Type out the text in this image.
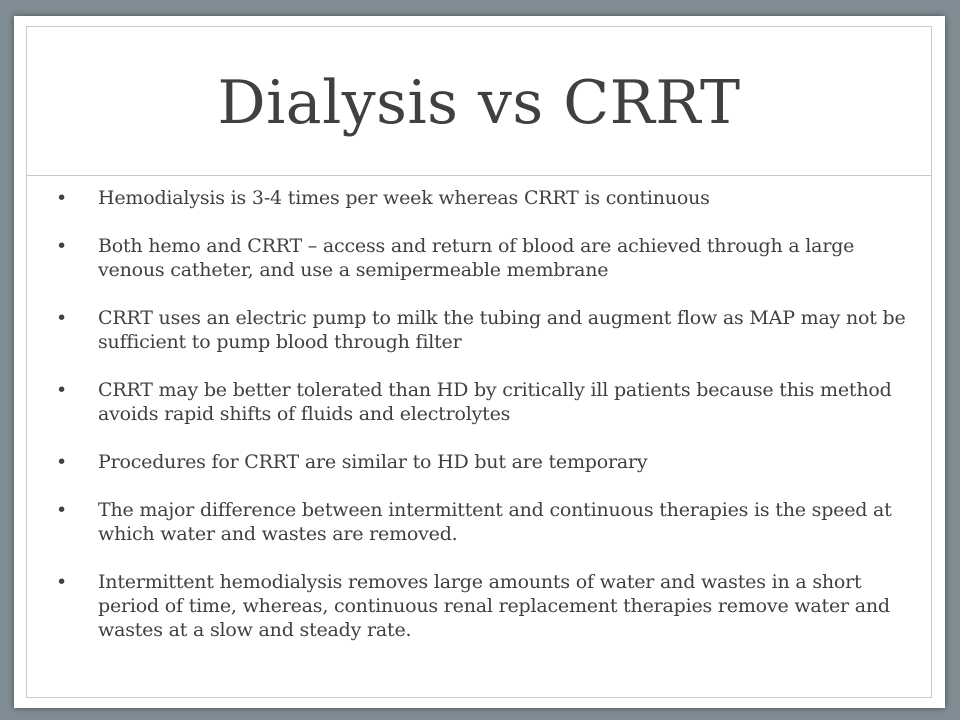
Dialysis vs CRRT
• Hemodialysis is 3-4 times per week whereas CRRT is continuous
• Both hemo and CRRT – access and return of blood are achieved through a large venous catheter, and use a semipermeable membrane
• CRRT uses an electric pump to milk the tubing and augment flow as MAP may not be sufficient to pump blood through filter
• CRRT may be better tolerated than HD by critically ill patients because this method avoids rapid shifts of fluids and electrolytes
• Procedures for CRRT are similar to HD but are temporary
• The major difference between intermittent and continuous therapies is the speed at which water and wastes are removed.
• Intermittent hemodialysis removes large amounts of water and wastes in a short period of time, whereas, continuous renal replacement therapies remove water and wastes at a slow and steady rate.
